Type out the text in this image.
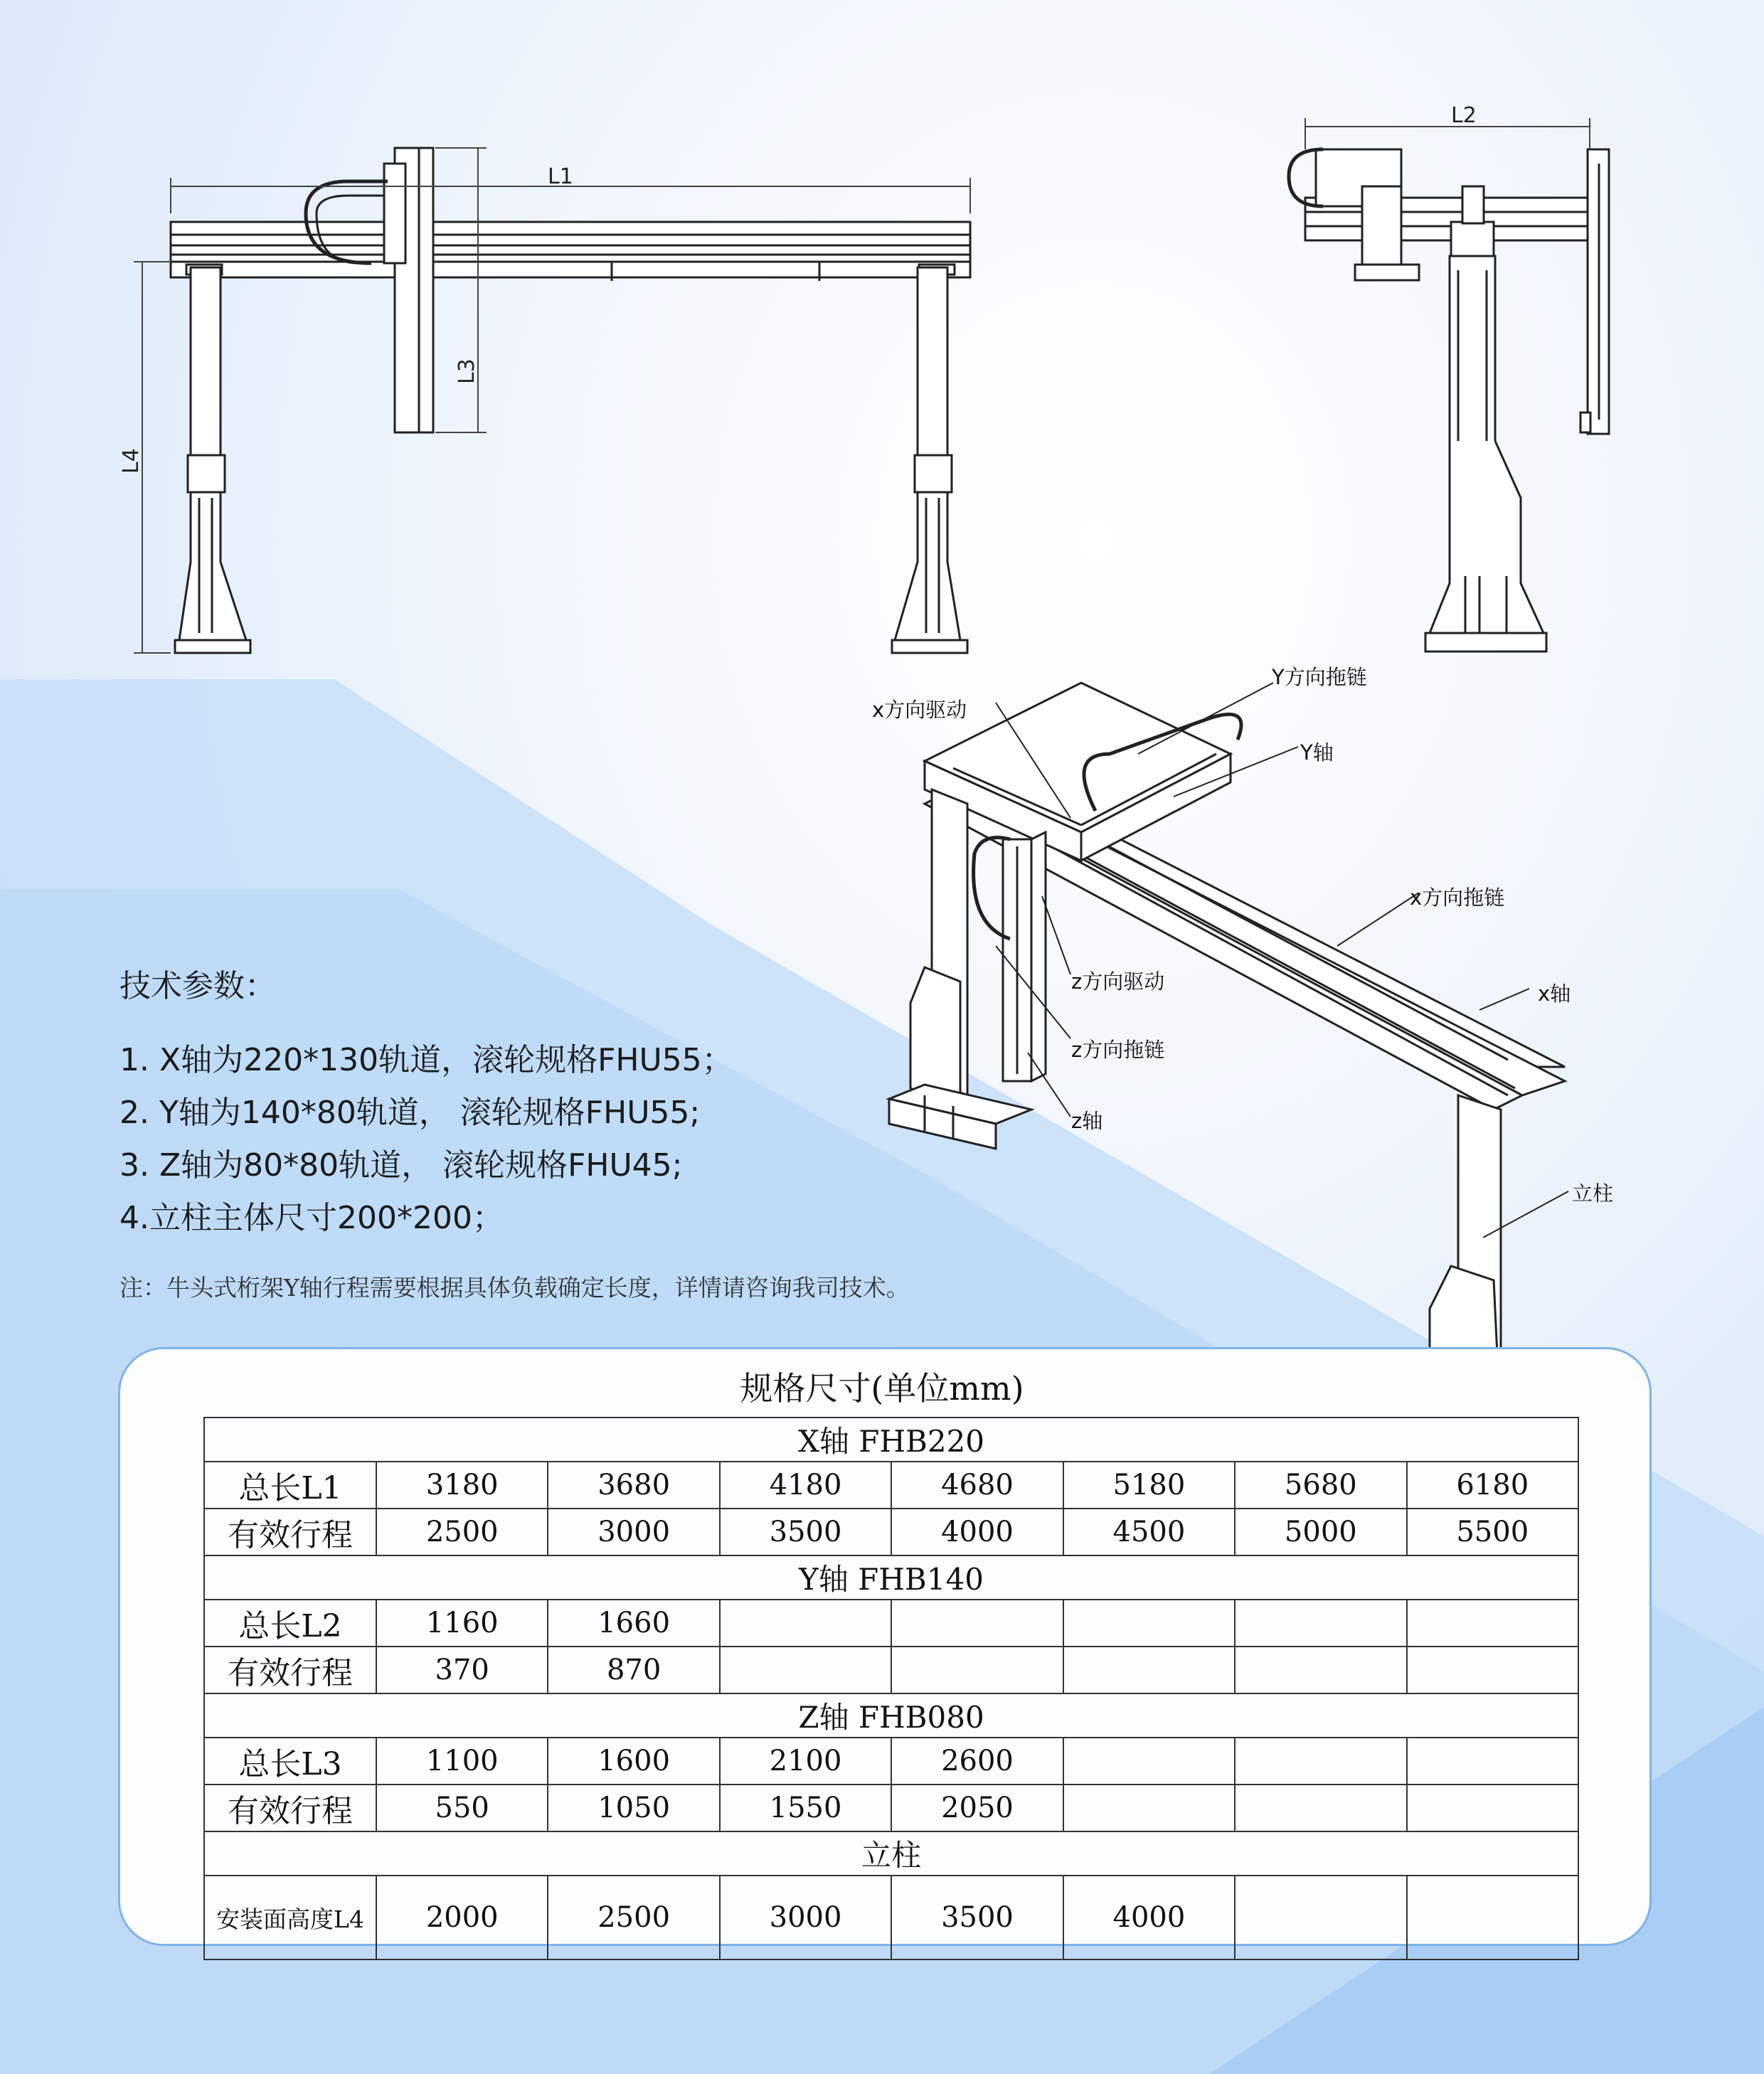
L1
L2
L3
L4
x方向驱动
Y方向拖链
Y轴
x方向拖链
z方向驱动	x轴
z方向拖链
z轴
立柱
技术参数：
1. X轴为220*130轨道，滚轮规格FHU55；
2. Y轴为140*80轨道， 滚轮规格FHU55;
3. Z轴为80*80轨道， 滚轮规格FHU45;
4.立柱主体尺寸200*200；
注：牛头式桁架Y轴行程需要根据具体负载确定长度，详情请咨询我司技术。
规格尺寸(单位mm)
X轴 FHB220							
总长L1	3180	3680	4180	4680	5180	5680	6180
有效行程	2500	3000	3500	4000	4500	5000	5500
Y轴 FHB140							
总长L2	1160	1660					
有效行程	370	870					
Z轴 FHB080							
总长L3	1100	1600	2100	2600			
有效行程	550	1050	1550	2050			
立柱							
安装面高度L4	2000	2500	3000	3500	4000		
